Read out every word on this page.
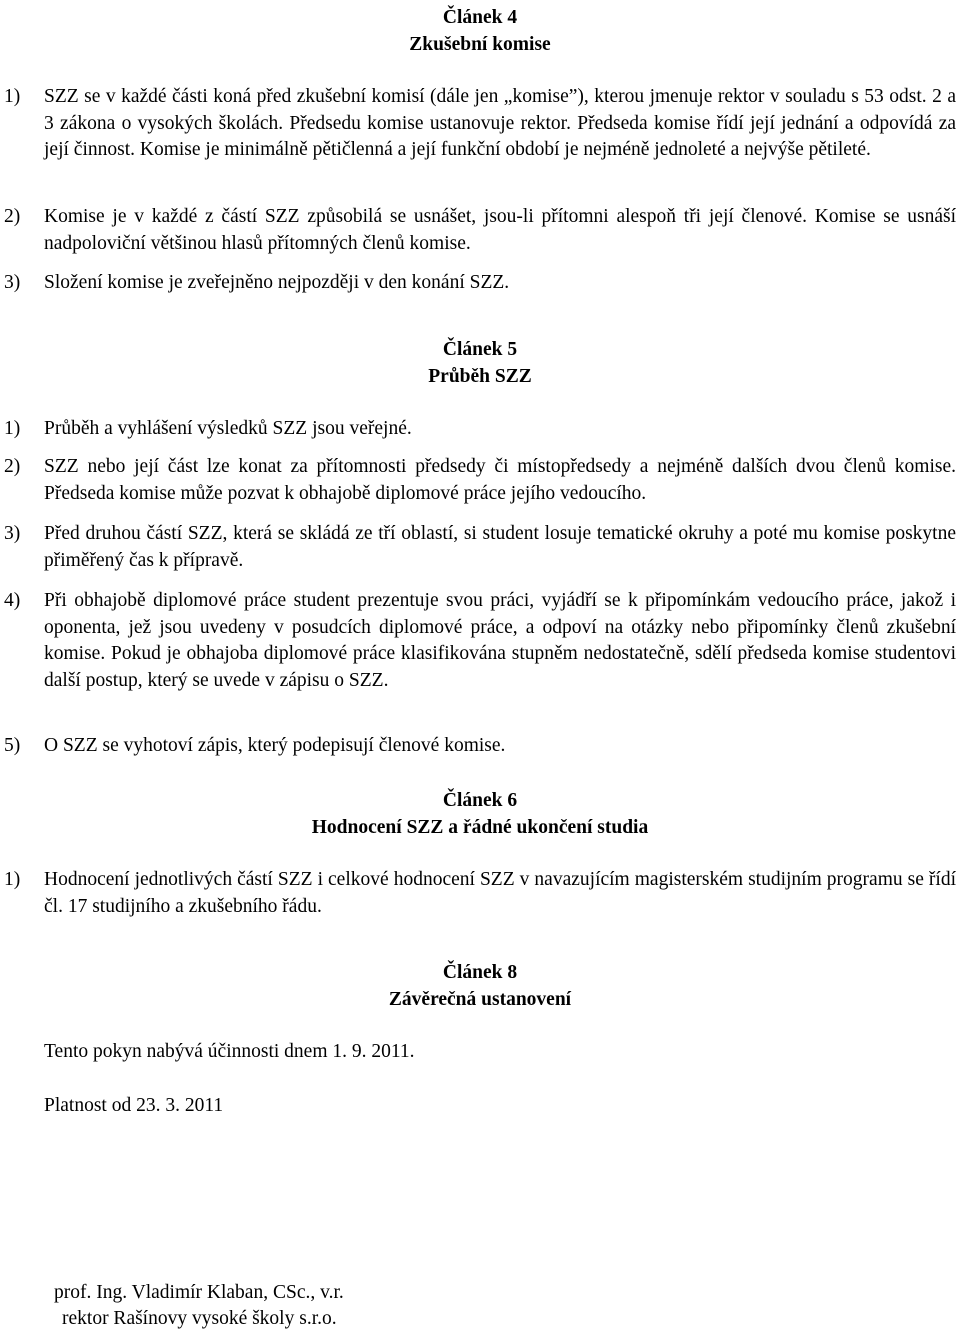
Článek 4
Zkušební komise

1) SZZ se v každé části koná před zkušební komisí (dále jen „komise”), kterou jmenuje rektor v souladu s 53 odst. 2 a 3 zákona o vysokých školách. Předsedu komise ustanovuje rektor. Předseda komise řídí její jednání a odpovídá za její činnost. Komise je minimálně pětičlenná a její funkční období je nejméně jednoleté a nejvýše pětileté.

2) Komise je v každé z částí SZZ způsobilá se usnášet, jsou-li přítomni alespoň tři její členové. Komise se usnáší nadpoloviční většinou hlasů přítomných členů komise.

3) Složení komise je zveřejněno nejpozději v den konání SZZ.

Článek 5
Průběh SZZ

1) Průběh a vyhlášení výsledků SZZ jsou veřejné.

2) SZZ nebo její část lze konat za přítomnosti předsedy či místopředsedy a nejméně dalších dvou členů komise. Předseda komise může pozvat k obhajobě diplomové práce jejího vedoucího.

3) Před druhou částí SZZ, která se skládá ze tří oblastí, si student losuje tematické okruhy a poté mu komise poskytne přiměřený čas k přípravě.

4) Při obhajobě diplomové práce student prezentuje svou práci, vyjádří se k připomínkám vedoucího práce, jakož i oponenta, jež jsou uvedeny v posudcích diplomové práce, a odpoví na otázky nebo připomínky členů zkušební komise. Pokud je obhajoba diplomové práce klasifikována stupněm nedostatečně, sdělí předseda komise studentovi další postup, který se uvede v zápisu o SZZ.

5) O SZZ se vyhotoví zápis, který podepisují členové komise.

Článek 6
Hodnocení SZZ a řádné ukončení studia

1) Hodnocení jednotlivých částí SZZ i celkové hodnocení SZZ v navazujícím magisterském studijním programu se řídí čl. 17 studijního a zkušebního řádu.

Článek 8
Závěrečná ustanovení

Tento pokyn nabývá účinnosti dnem 1. 9. 2011.

Platnost od 23. 3. 2011

prof. Ing. Vladimír Klaban, CSc., v.r.
rektor Rašínovy vysoké školy s.r.o.
